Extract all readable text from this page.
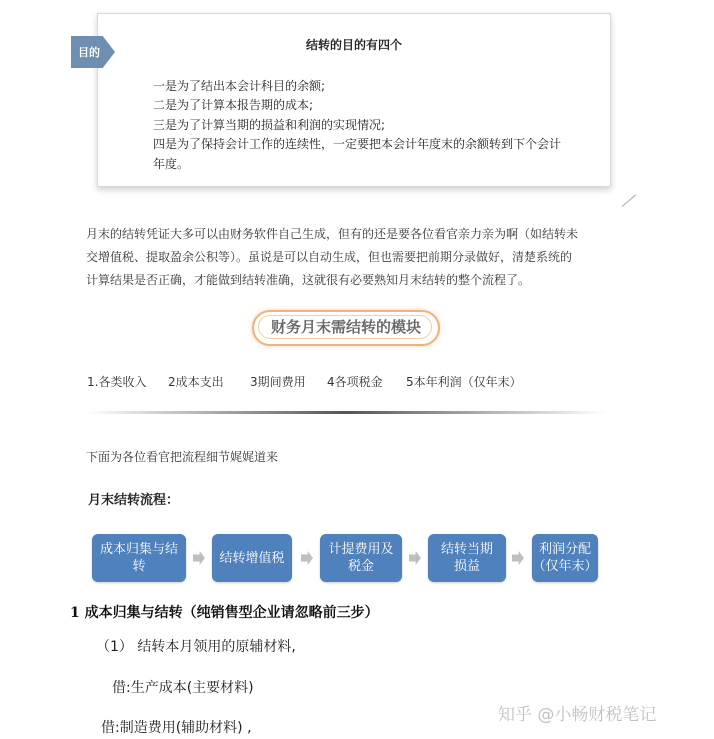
结转的目的有四个
一是为了结出本会计科目的余额;
二是为了计算本报告期的成本;
三是为了计算当期的损益和利润的实现情况;
四是为了保持会计工作的连续性，一定要把本会计年度末的余额转到下个会计
年度。
目的
月末的结转凭证大多可以由财务软件自己生成，但有的还是要各位看官亲力亲为啊（如结转未
交增值税、提取盈余公积等）。虽说是可以自动生成，但也需要把前期分录做好，清楚系统的
计算结果是否正确，才能做到结转准确，这就很有必要熟知月末结转的整个流程了。
财务月末需结转的模块
1.各类收入 2成本支出 3期间费用 4各项税金 5本年利润（仅年末）
下面为各位看官把流程细节娓娓道来
月末结转流程：
成本归集与结
转
结转增值税
计提费用及
税金
结转当期
损益
利润分配
（仅年末）
1 成本归集与结转（纯销售型企业请忽略前三步）
（1） 结转本月领用的原辅材料,
借:生产成本(主要材料)
借:制造费用(辅助材料) ,
知乎 @小畅财税笔记
